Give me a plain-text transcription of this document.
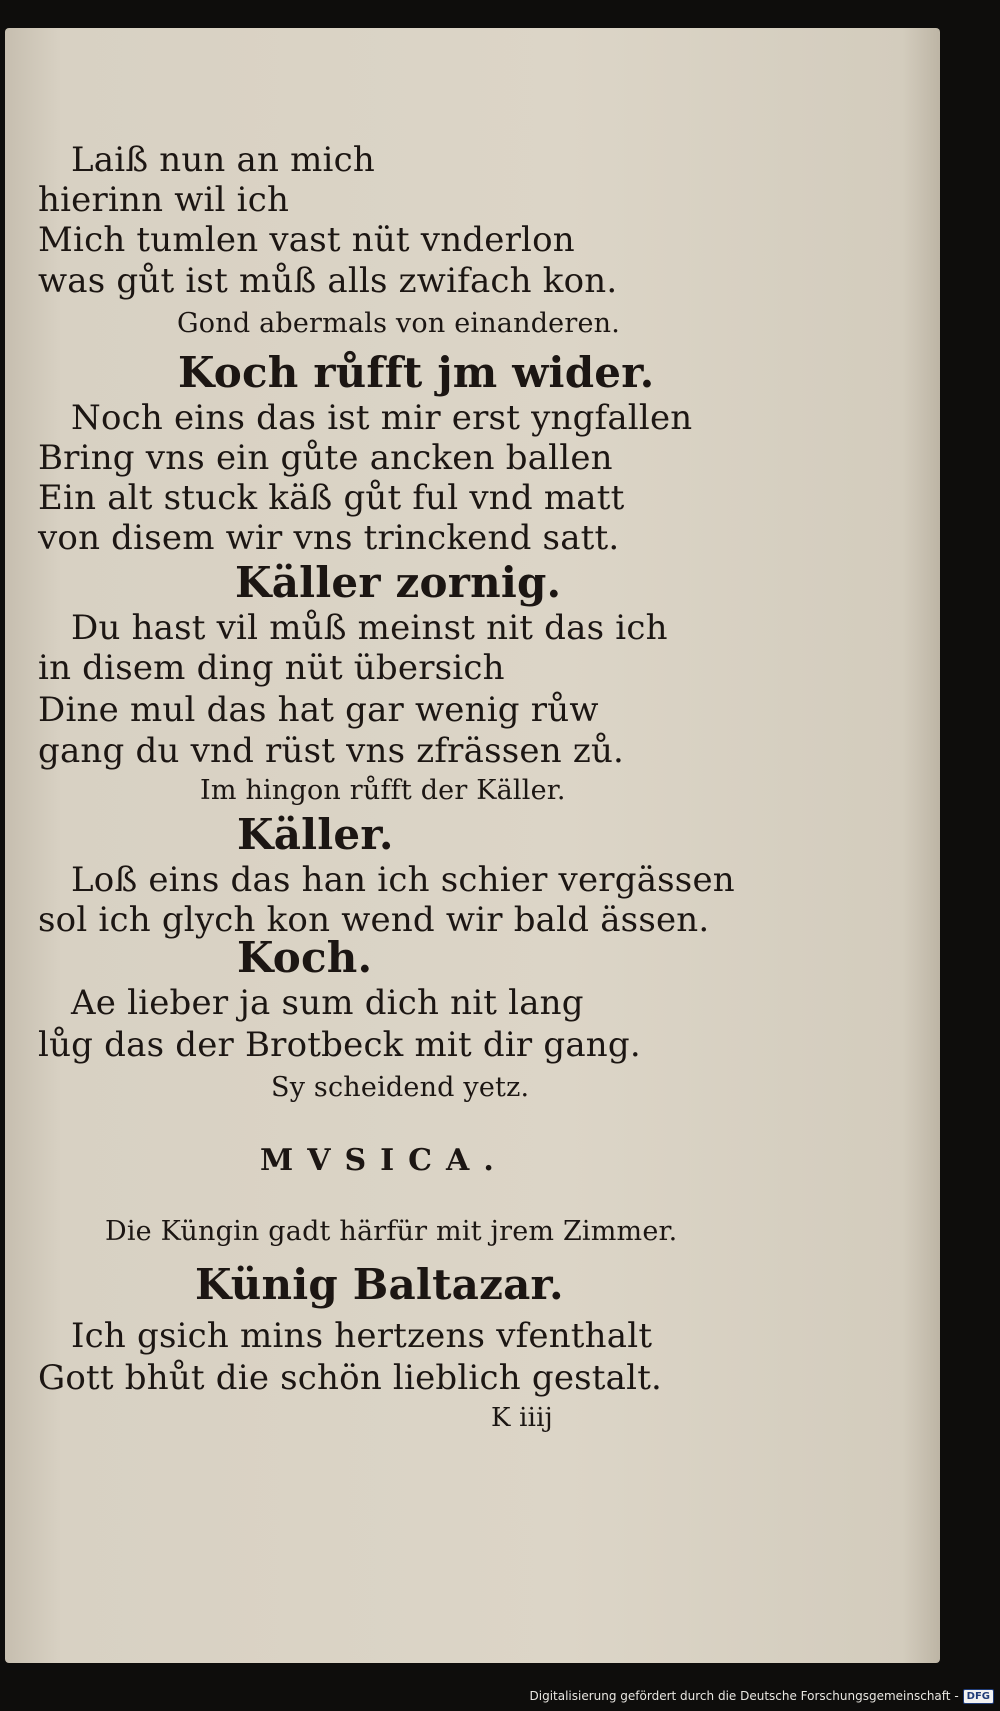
Laiß nun an mich
hierinn wil ich
Mich tumlen vast nüt vnderlon
was gůt ist můß alls zwifach kon.
Gond abermals von einanderen.
Koch růfft jm wider.
Noch eins das ist mir erst yngfallen
Bring vns ein gůte ancken ballen
Ein alt stuck käß gůt ful vnd matt
von disem wir vns trinckend satt.
Käller zornig.
Du hast vil můß meinst nit das ich
in disem ding nüt übersich
Dine mul das hat gar wenig růw
gang du vnd rüst vns zfrässen zů.
Im hingon růfft der Käller.
Käller.
Loß eins das han ich schier vergässen
sol ich glych kon wend wir bald ässen.
Koch.
Ae lieber ja sum dich nit lang
lůg das der Brotbeck mit dir gang.
Sy scheidend yetz.
MVSICA.
Die Küngin gadt härfür mit jrem Zimmer.
Künig Baltazar.
Ich gsich mins hertzens vfenthalt
Gott bhůt die schön lieblich gestalt.
K iiij
Digitalisierung gefördert durch die Deutsche Forschungsgemeinschaft - DFG
